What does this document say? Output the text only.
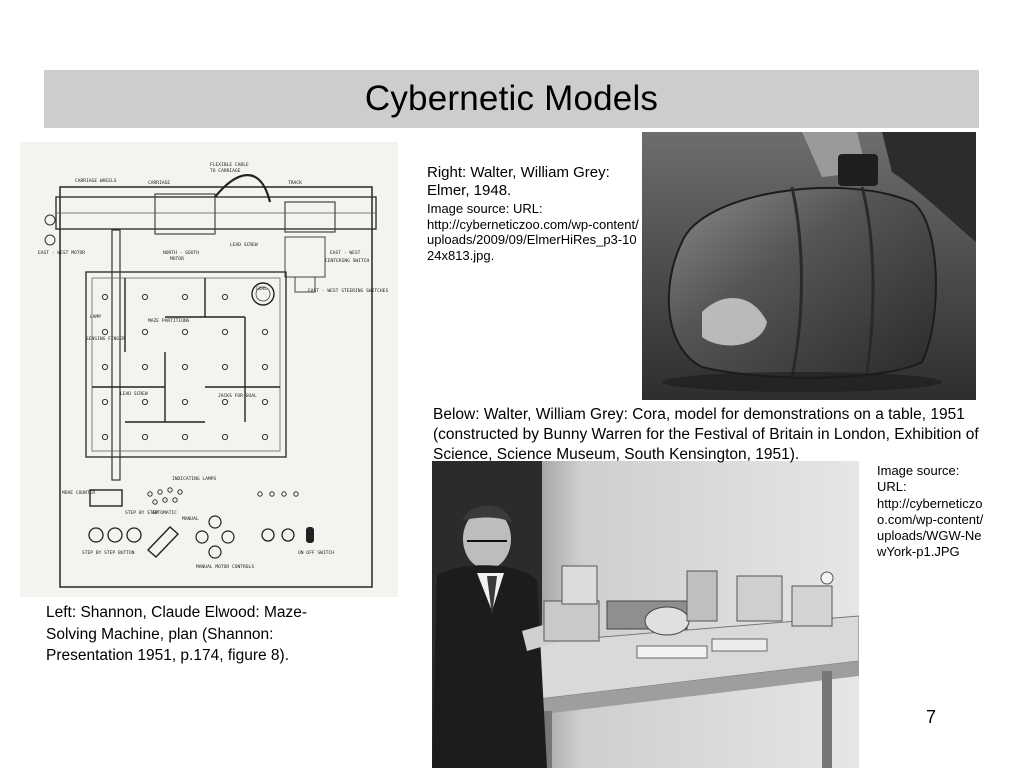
Cybernetic Models
CARRIAGE WHEELS	CARRIAGE
FLEXIBLE CABLE
TO CARRIAGE
TRACK
LEAD SCREW
NORTH - SOUTH
MOTOR
EAST - WEST
CENTERING SWITCH
EAST - WEST STEERING SWITCHES
EAST - WEST MOTOR
LAMP
SENSING FINGER
MAZE PARTITIONS
GOAL
JACKS FOR GOAL
LEAD SCREW
INDICATING LAMPS
MOVE COUNTER
STEP BY STEP
AUTOMATIC
MANUAL
STEP BY STEP BUTTON
MANUAL MOTOR CONTROLS
ON OFF SWITCH
Right: Walter, William Grey: Elmer, 1948.
Image source: URL:
http://cyberneticzoo.com/wp-content/uploads/2009/09/ElmerHiRes_p3-1024x813.jpg.
Below: Walter, William Grey: Cora, model for demonstrations on a table, 1951 (constructed by Bunny Warren for the Festival of Britain in London, Exhibition of Science, Science Museum, South Kensington, 1951).
Image source: URL:
http://cyberneticzoo.com/wp-content/uploads/WGW-NewYork-p1.JPG
Left: Shannon, Claude Elwood: Maze-Solving Machine, plan (Shannon: Presentation 1951, p.174, figure 8).
7
